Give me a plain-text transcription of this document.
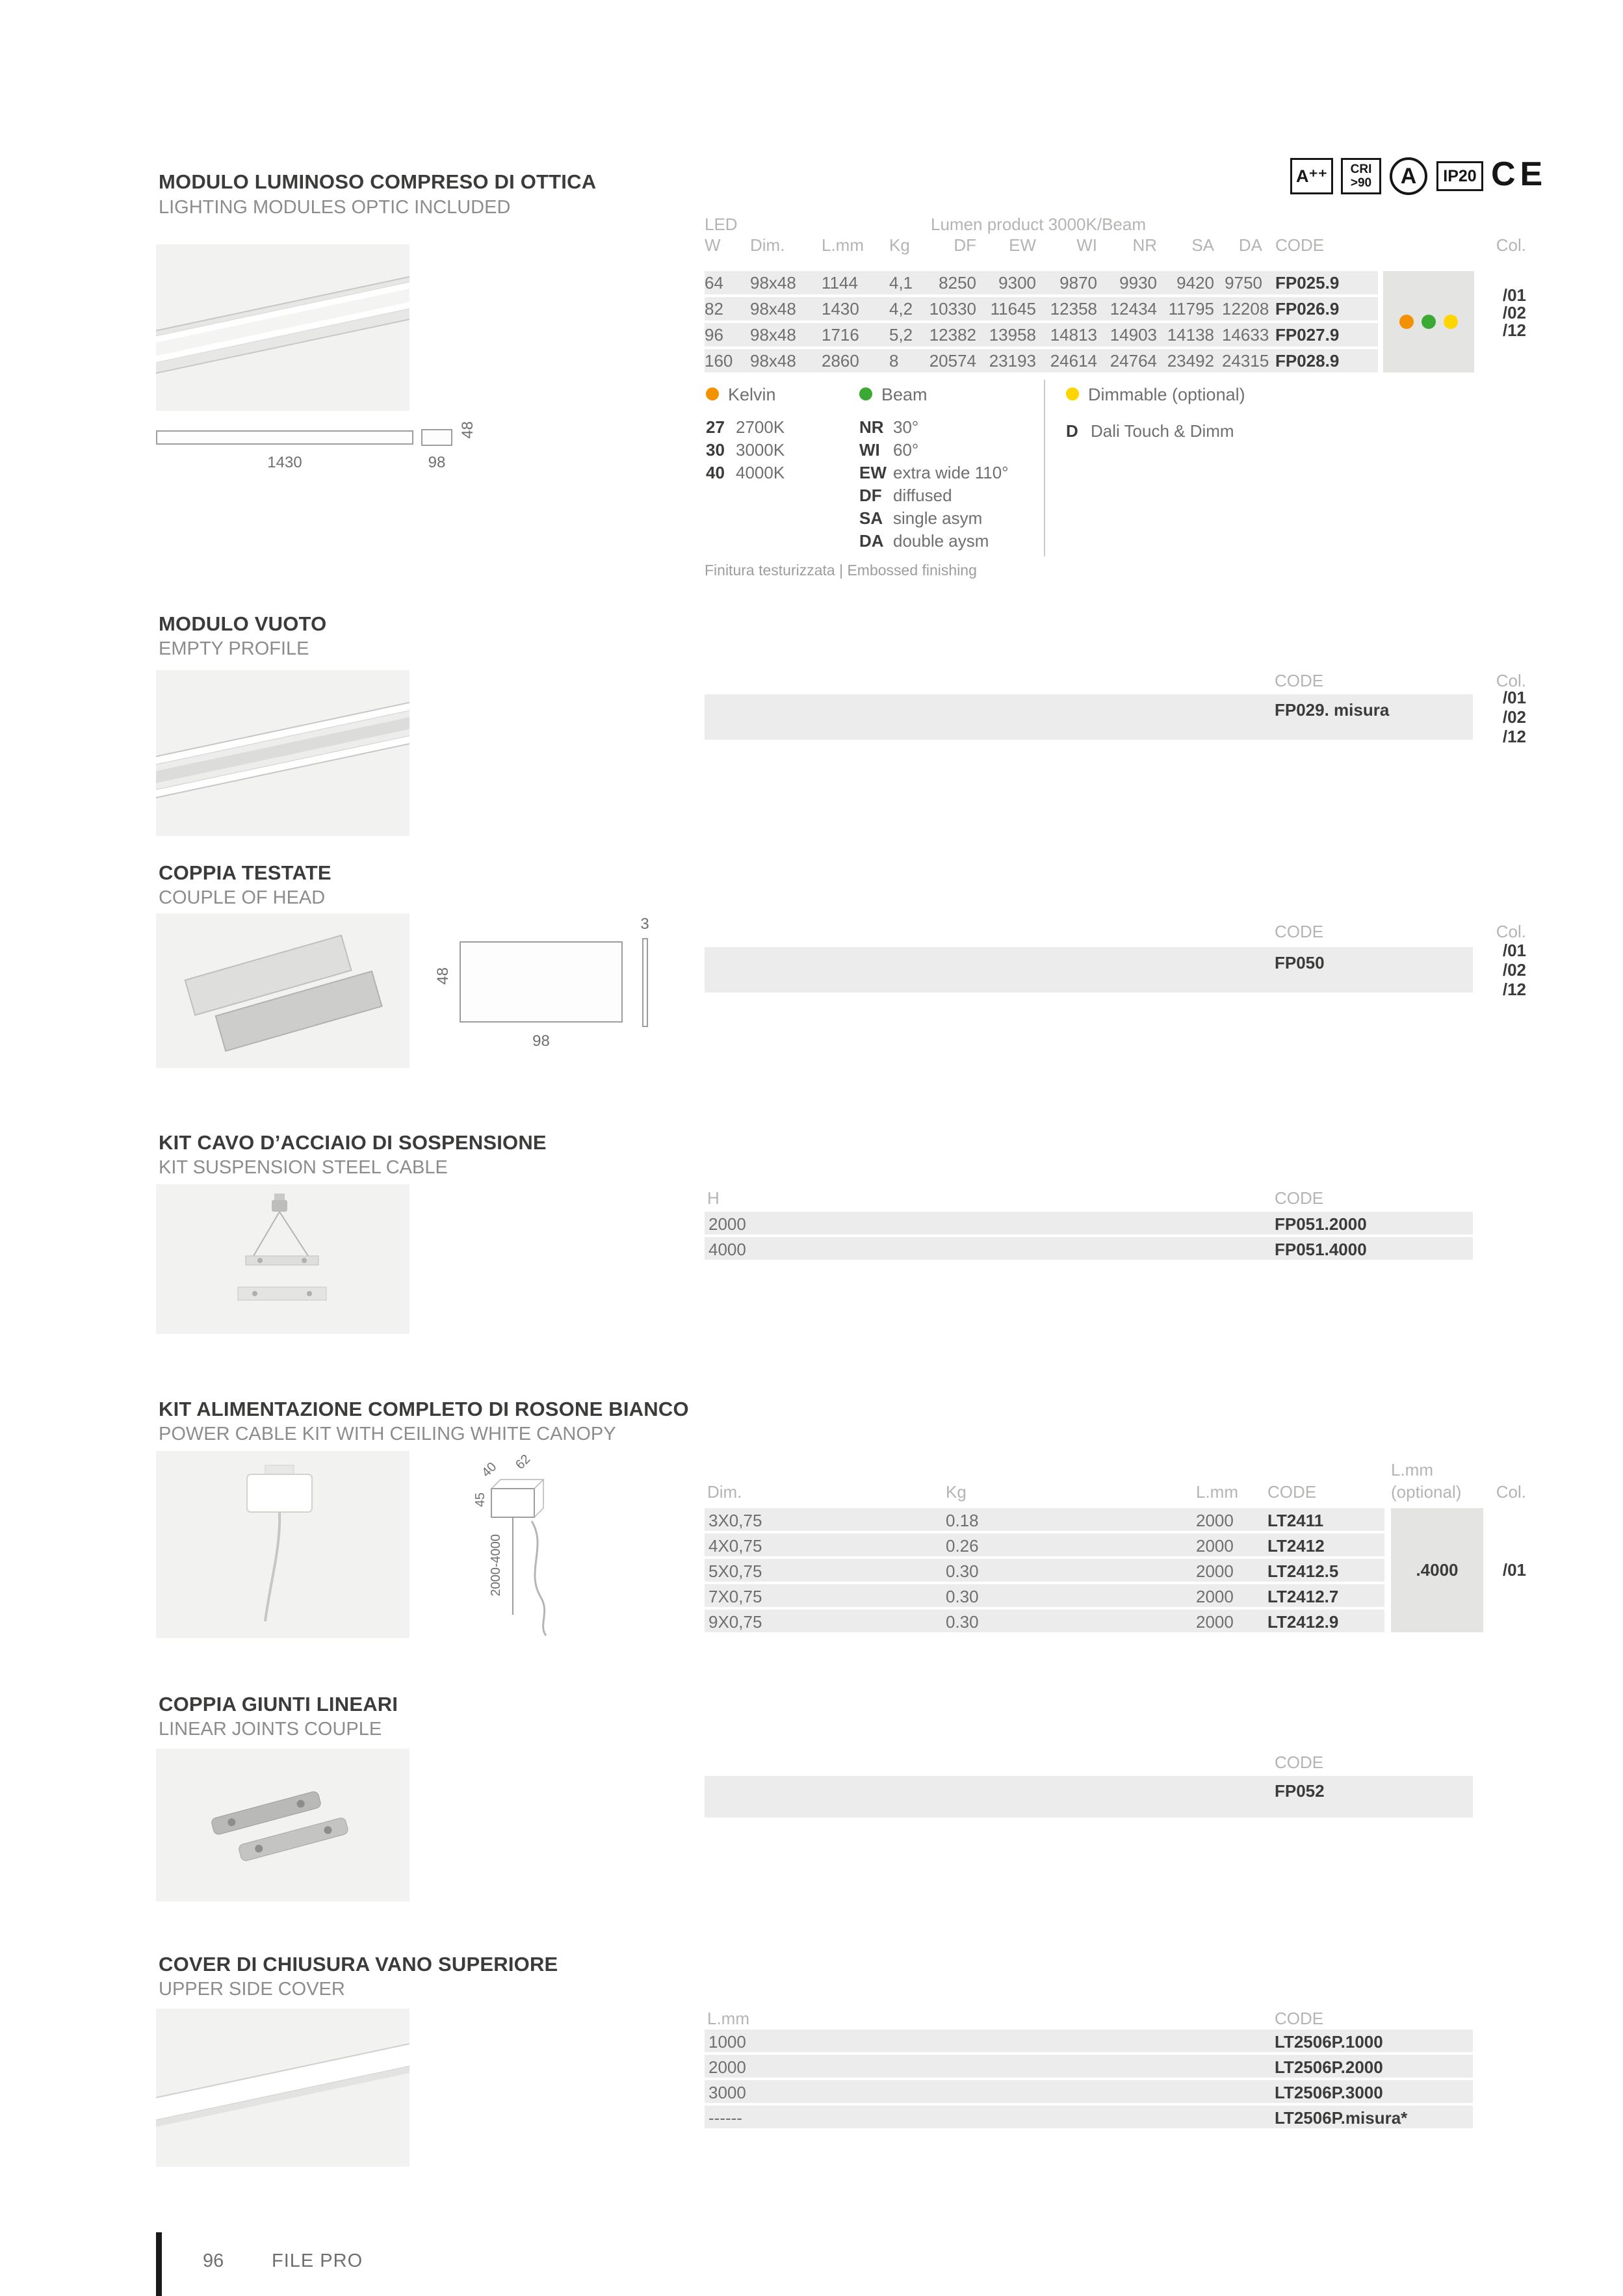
A⁺⁺ CRI
>90 A IP20 CE
MODULO LUMINOSO COMPRESO DI OTTICA
LIGHTING MODULES OPTIC INCLUDED
1430	98
48
LED	Lumen product 3000K/Beam
W	Dim.	L.mm	Kg	DF	EW	WI	NR	SA	DA CODE	Col.
64	98x48	1144	4,1	8250	9300	9870	9930	9420 9750 FP025.9
82	98x48	1430	4,2 10330 11645 12358 12434 11795 12208 FP026.9
96	98x48	1716	5,2 12382 13958 14813 14903 14138 14633 FP027.9
160	98x48	2860	8	20574 23193 24614 24764 23492 24315 FP028.9
/01
/02
/12
Kelvin
27 2700K
30 3000K
40 4000K
Beam
NR 30°
WI 60°
EW extra wide 110°
DF diffused
SA single asym
DA double aysm
Dimmable (optional)
D Dali Touch & Dimm
Finitura testurizzata | Embossed finishing
MODULO VUOTO
EMPTY PROFILE
CODE	Col.
FP029. misura
/01
/02
/12
COPPIA TESTATE
COUPLE OF HEAD
48
98
3	CODE	Col.
FP050
/01
/02
/12
KIT CAVO D’ACCIAIO DI SOSPENSIONE
KIT SUSPENSION STEEL CABLE
H	CODE
2000	FP051.2000
4000	FP051.4000
KIT ALIMENTAZIONE COMPLETO DI ROSONE BIANCO
POWER CABLE KIT WITH CEILING WHITE CANOPY
40 62
45
2000-4000
L.mm
Dim.	Kg	L.mm CODE	(optional)	Col.
3X0,75	0.18	2000 LT2411
4X0,75	0.26	2000 LT2412
5X0,75	0.30	2000 LT2412.5
7X0,75	0.30	2000 LT2412.7
9X0,75	0.30	2000 LT2412.9
.4000	/01
COPPIA GIUNTI LINEARI
LINEAR JOINTS COUPLE
CODE
FP052
COVER DI CHIUSURA VANO SUPERIORE
UPPER SIDE COVER
L.mm	CODE
1000	LT2506P.1000
2000	LT2506P.2000
3000	LT2506P.3000
------	LT2506P.misura*
96	FILE PRO
